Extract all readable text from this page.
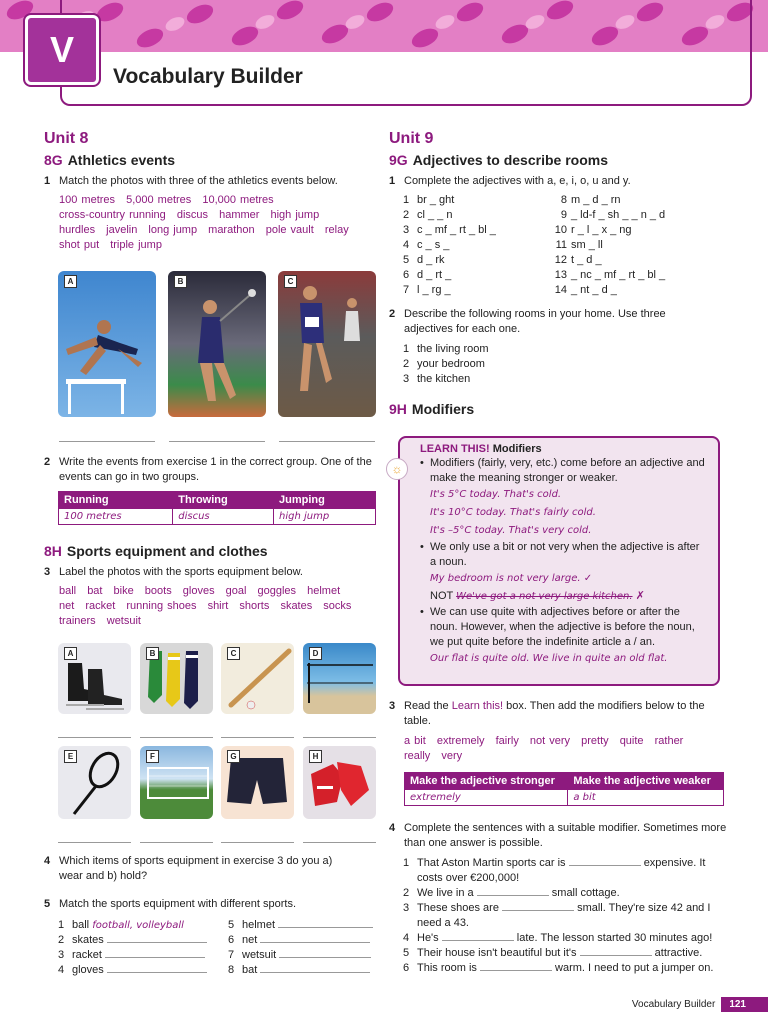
V
Vocabulary Builder
Unit 8
8G Athletics events
1 Match the photos with three of the athletics events below.
100 metres 5,000 metres 10,000 metres
cross-country running discus hammer high jump
hurdles javelin long jump marathon pole vault relay
shot put triple jump
A	B	C
2 Write the events from exercise 1 in the correct group. One of the events can go in two groups.
Running	Throwing	Jumping
100 metres	discus	high jump
8H Sports equipment and clothes
3 Label the photos with the sports equipment below.
ball bat bike boots gloves goal goggles helmet
net racket running shoes shirt shorts skates socks
trainers wetsuit
A	B	C	D
E	F	G	H
4 Which items of sports equipment in exercise 3 do you a) wear and b) hold?
5 Match the sports equipment with different sports.
1 ball football, volleyball
2 skates
3 racket
4 gloves
5 helmet
6 net
7 wetsuit
8 bat
Unit 9
9G Adjectives to describe rooms
1 Complete the adjectives with a, e, i, o, u and y.
1 br _ ght
2 cl _ _ n
3 c _ mf _ rt _ bl _
4 c _ s _
5 d _ rk
6 d _ rt _
7 l _ rg _
8 m _ d _ rn
9 _ ld-f _ sh _ _ n _ d
10 r _ l _ x _ ng
11 sm _ ll
12 t _ d _
13 _ nc _ mf _ rt _ bl _
14 _ nt _ d _
2 Describe the following rooms in your home. Use three adjectives for each one.
1 the living room
2 your bedroom
3 the kitchen
9H Modifiers
☼
LEARN THIS! Modifiers
• Modifiers (fairly, very, etc.) come before an adjective and make the meaning stronger or weaker.
It's 5°C today. That's cold.
It's 10°C today. That's fairly cold.
It's –5°C today. That's very cold.
• We only use a bit or not very when the adjective is after a noun.
My bedroom is not very large. ✓
NOT We've got a not very large kitchen. ✗
• We can use quite with adjectives before or after the noun. However, when the adjective is before the noun, we put quite before the indefinite article a / an.
Our flat is quite old. We live in quite an old flat.
3 Read the Learn this! box. Then add the modifiers below to the table.
a bit extremely fairly not very pretty quite rather
really very
Make the adjective stronger	Make the adjective weaker
extremely	a bit
4 Complete the sentences with a suitable modifier. Sometimes more than one answer is possible.
1 That Aston Martin sports car is	expensive. It costs over €200,000!
2 We live in a	small cottage.
3 These shoes are	small. They're size 42 and I need a 43.
4 He's	late. The lesson started 30 minutes ago!
5 Their house isn't beautiful but it's	attractive.
6 This room is	warm. I need to put a jumper on.
Vocabulary Builder	121
